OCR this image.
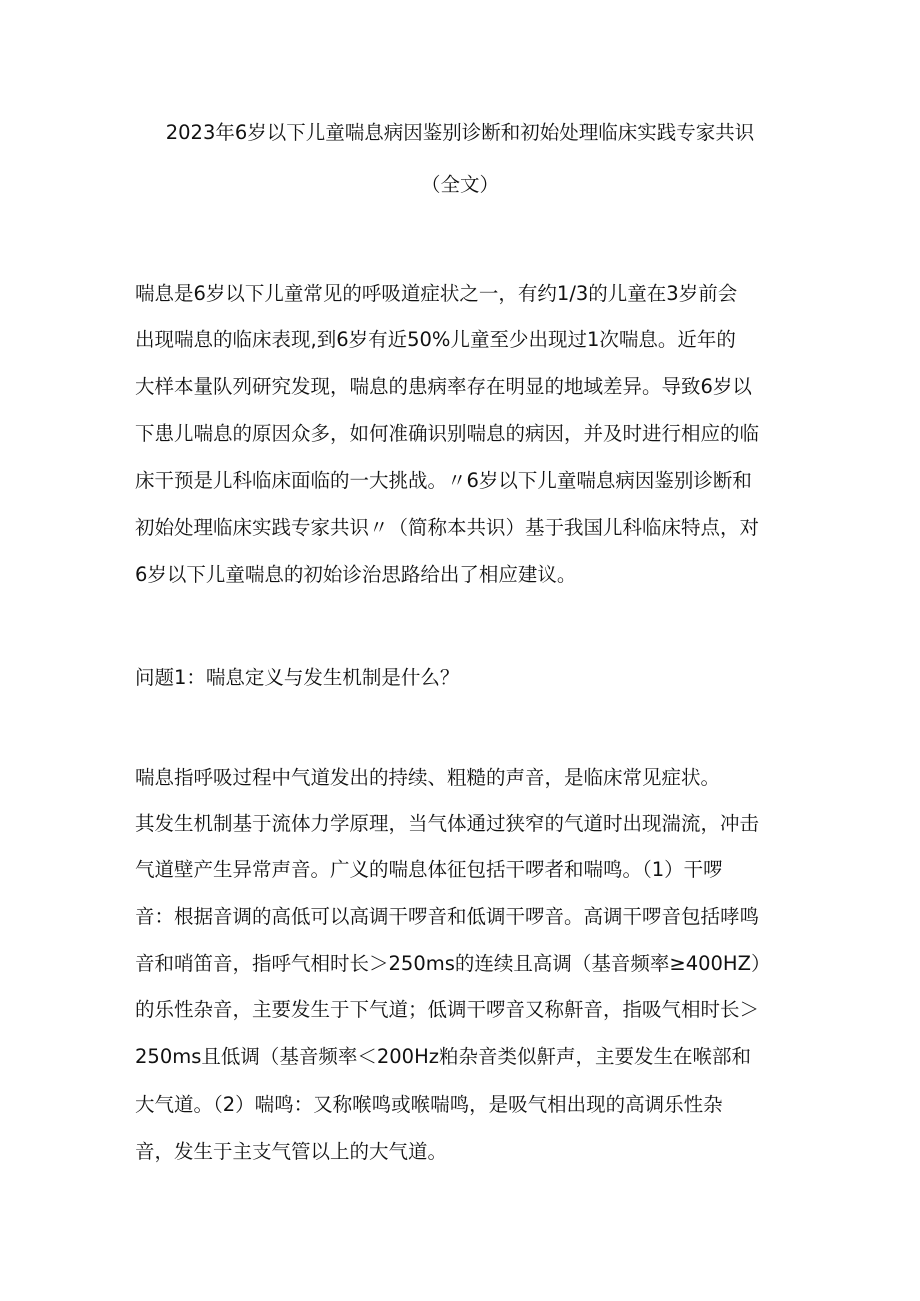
2023年6岁以下儿童喘息病因鉴别诊断和初始处理临床实践专家共识
（全文）
喘息是6岁以下儿童常见的呼吸道症状之一，有约1/3的儿童在3岁前会
出现喘息的临床表现,到6岁有近50%儿童至少出现过1次喘息。近年的
大样本量队列研究发现，喘息的患病率存在明显的地域差异。导致6岁以
下患儿喘息的原因众多，如何准确识别喘息的病因，并及时进行相应的临
床干预是儿科临床面临的一大挑战。〃6岁以下儿童喘息病因鉴别诊断和
初始处理临床实践专家共识〃（简称本共识）基于我国儿科临床特点，对
6岁以下儿童喘息的初始诊治思路给出了相应建议。
问题1：喘息定义与发生机制是什么？
喘息指呼吸过程中气道发出的持续、粗糙的声音，是临床常见症状。
其发生机制基于流体力学原理，当气体通过狭窄的气道时出现湍流，冲击
气道壁产生异常声音。广义的喘息体征包括干啰者和喘鸣。（1）干啰
音：根据音调的高低可以高调干啰音和低调干啰音。高调干啰音包括哮鸣
音和哨笛音，指呼气相时长＞250ms的连续且高调（基音频率≥400HZ）
的乐性杂音，主要发生于下气道；低调干啰音又称鼾音，指吸气相时长＞
250ms且低调（基音频率＜200Hz粕杂音类似鼾声，主要发生在喉部和
大气道。（2）喘鸣：又称喉鸣或喉喘鸣，是吸气相出现的高调乐性杂
音，发生于主支气管以上的大气道。
